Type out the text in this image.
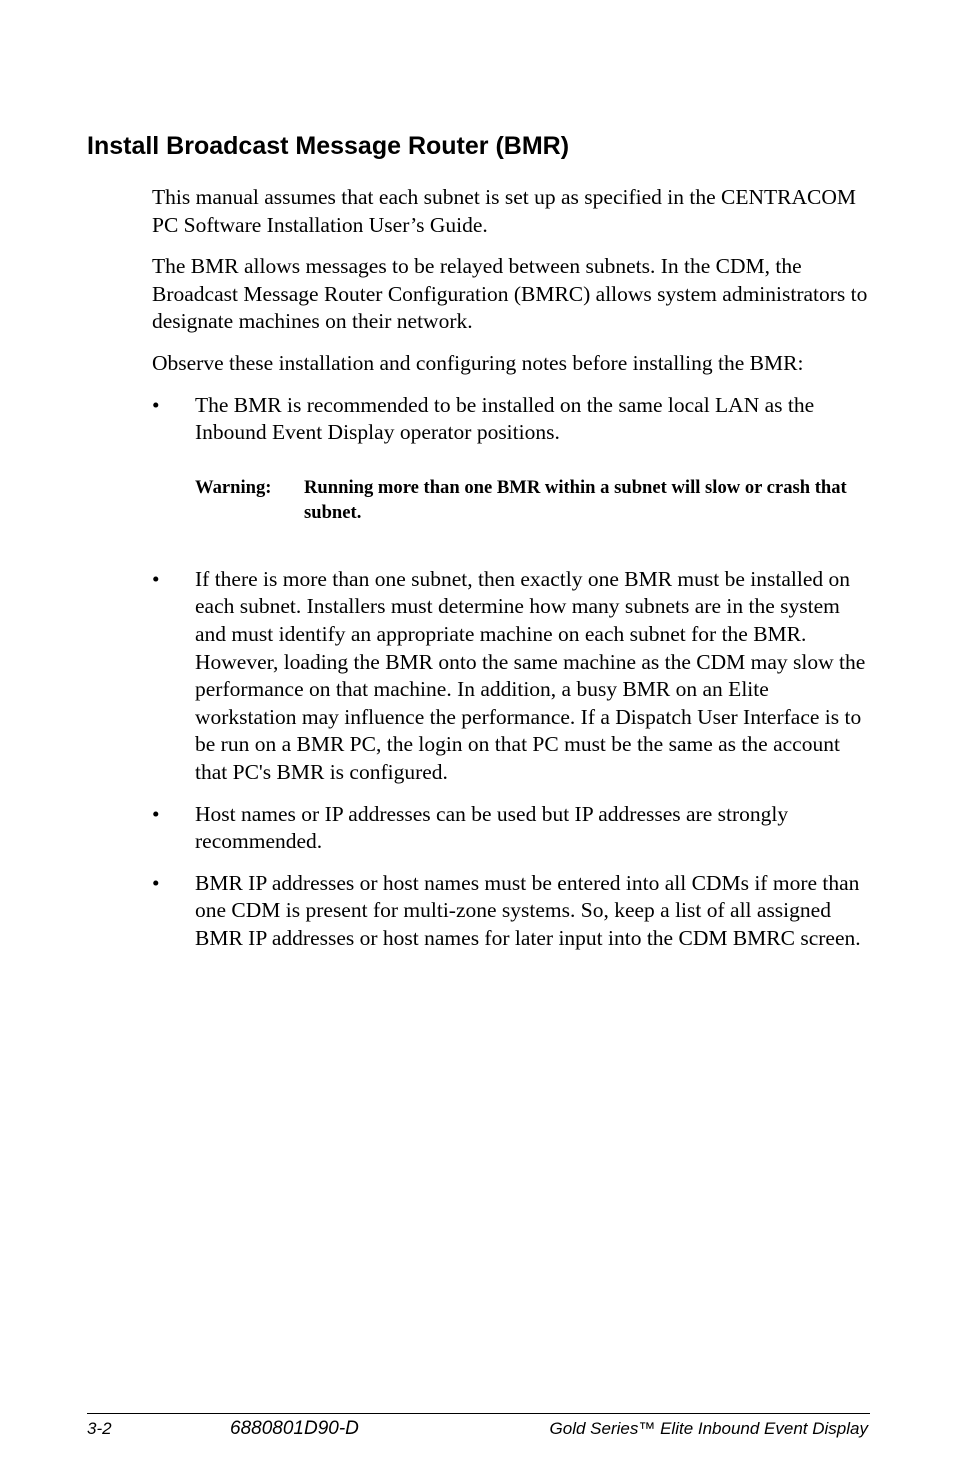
Install Broadcast Message Router (BMR)

This manual assumes that each subnet is set up as specified in the CENTRACOM PC Software Installation User’s Guide.

The BMR allows messages to be relayed between subnets. In the CDM, the Broadcast Message Router Configuration (BMRC) allows system administrators to designate machines on their network.

Observe these installation and configuring notes before installing the BMR:

•	The BMR is recommended to be installed on the same local LAN as the Inbound Event Display operator positions.
Warning:	Running more than one BMR within a subnet will slow or crash that subnet.
•	If there is more than one subnet, then exactly one BMR must be installed on each subnet. Installers must determine how many subnets are in the system and must identify an appropriate machine on each subnet for the BMR. However, loading the BMR onto the same machine as the CDM may slow the performance on that machine. In addition, a busy BMR on an Elite workstation may influence the performance. If a Dispatch User Interface is to be run on a BMR PC, the login on that PC must be the same as the account that PC's BMR is configured.
•	Host names or IP addresses can be used but IP addresses are strongly recommended.
•	BMR IP addresses or host names must be entered into all CDMs if more than one CDM is present for multi-zone systems. So, keep a list of all assigned BMR IP addresses or host names for later input into the CDM BMRC screen.
3-2	6880801D90-D	Gold Series™ Elite Inbound Event Display
